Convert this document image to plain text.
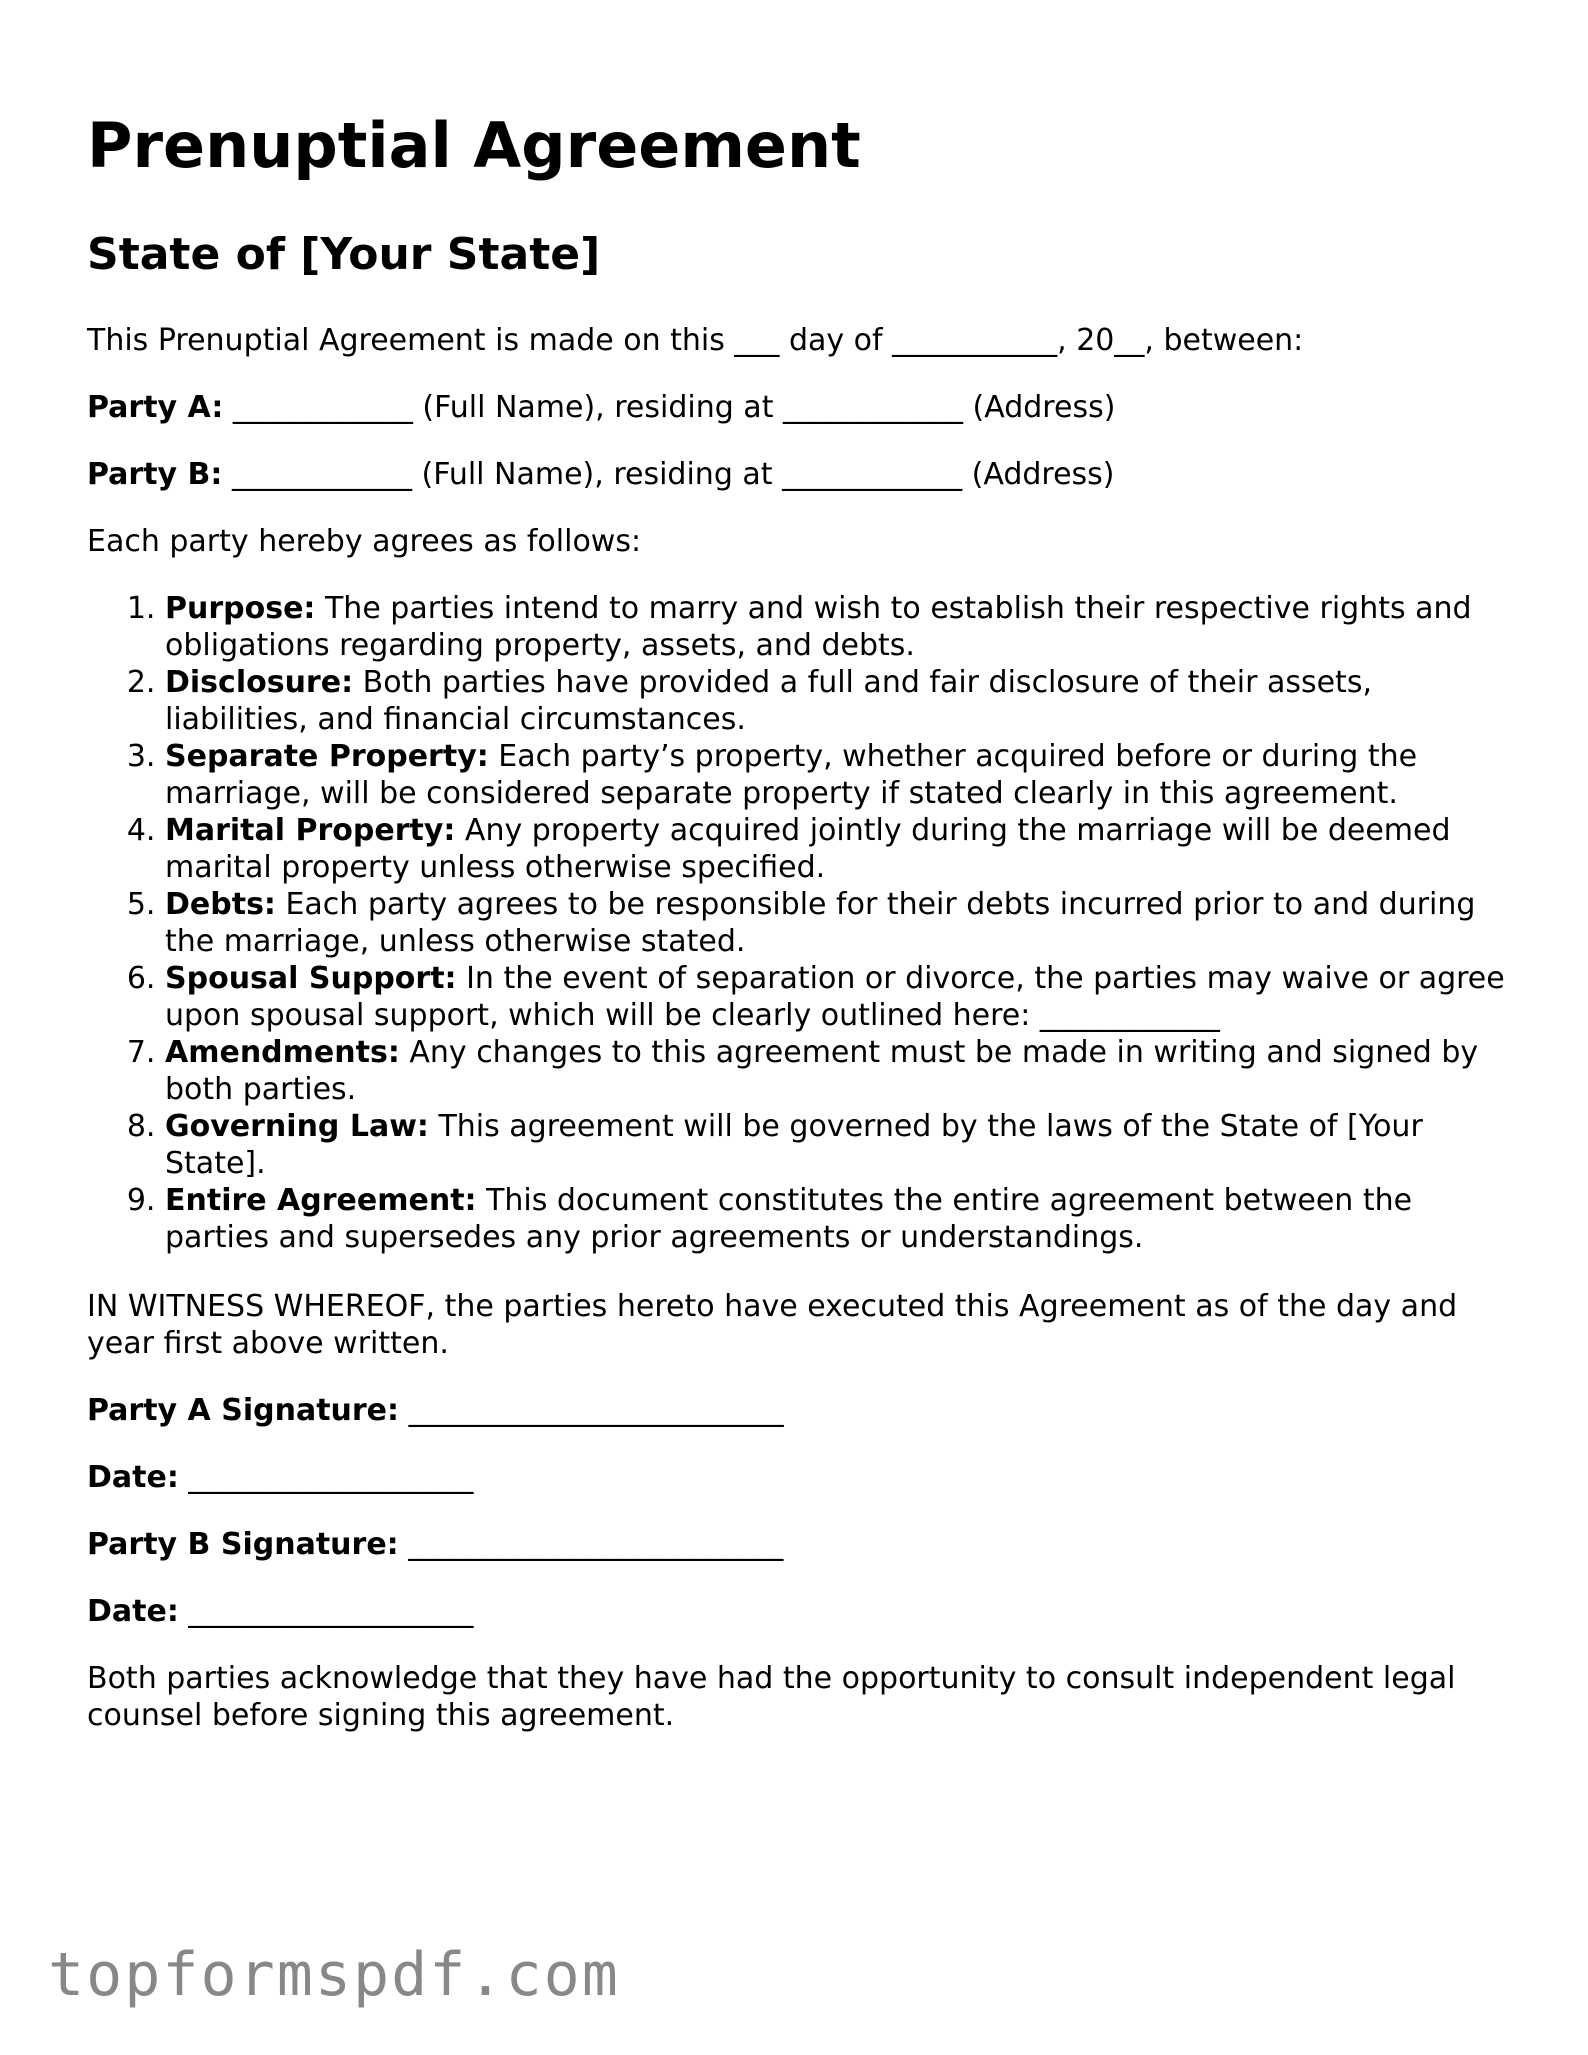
Prenuptial Agreement
State of [Your State]

This Prenuptial Agreement is made on this ___ day of ___________, 20__, between:

Party A: ____________ (Full Name), residing at ____________ (Address)

Party B: ____________ (Full Name), residing at ____________ (Address)

Each party hereby agrees as follows:

1. Purpose: The parties intend to marry and wish to establish their respective rights and obligations regarding property, assets, and debts.
2. Disclosure: Both parties have provided a full and fair disclosure of their assets, liabilities, and financial circumstances.
3. Separate Property: Each party’s property, whether acquired before or during the marriage, will be considered separate property if stated clearly in this agreement.
4. Marital Property: Any property acquired jointly during the marriage will be deemed marital property unless otherwise specified.
5. Debts: Each party agrees to be responsible for their debts incurred prior to and during the marriage, unless otherwise stated.
6. Spousal Support: In the event of separation or divorce, the parties may waive or agree upon spousal support, which will be clearly outlined here: ____________
7. Amendments: Any changes to this agreement must be made in writing and signed by both parties.
8. Governing Law: This agreement will be governed by the laws of the State of [Your State].
9. Entire Agreement: This document constitutes the entire agreement between the parties and supersedes any prior agreements or understandings.

IN WITNESS WHEREOF, the parties hereto have executed this Agreement as of the day and year first above written.

Party A Signature: _________________________

Date: ___________________

Party B Signature: _________________________

Date: ___________________

Both parties acknowledge that they have had the opportunity to consult independent legal counsel before signing this agreement.

topformspdf.com
